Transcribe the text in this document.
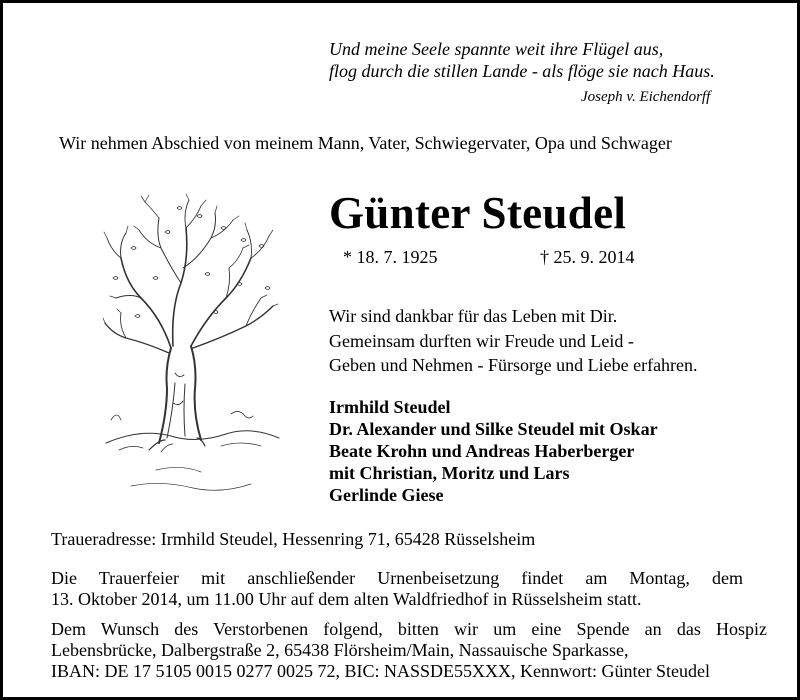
Und meine Seele spannte weit ihre Flügel aus,
flog durch die stillen Lande - als flöge sie nach Haus.
Joseph v. Eichendorff
Wir nehmen Abschied von meinem Mann, Vater, Schwiegervater, Opa und Schwager
Günter Steudel
* 18. 7. 1925	† 25. 9. 2014
Wir sind dankbar für das Leben mit Dir.
Gemeinsam durften wir Freude und Leid -
Geben und Nehmen - Fürsorge und Liebe erfahren.
Irmhild Steudel
Dr. Alexander und Silke Steudel mit Oskar
Beate Krohn und Andreas Haberberger
mit Christian, Moritz und Lars
Gerlinde Giese
Traueradresse: Irmhild Steudel, Hessenring 71, 65428 Rüsselsheim
Die Trauerfeier mit anschließender Urnenbeisetzung findet am Montag, dem
13. Oktober 2014, um 11.00 Uhr auf dem alten Waldfriedhof in Rüsselsheim statt.
Dem Wunsch des Verstorbenen folgend, bitten wir um eine Spende an das Hospiz
Lebensbrücke, Dalbergstraße 2, 65438 Flörsheim/Main, Nassauische Sparkasse,
IBAN: DE 17 5105 0015 0277 0025 72, BIC: NASSDE55XXX, Kennwort: Günter Steudel
